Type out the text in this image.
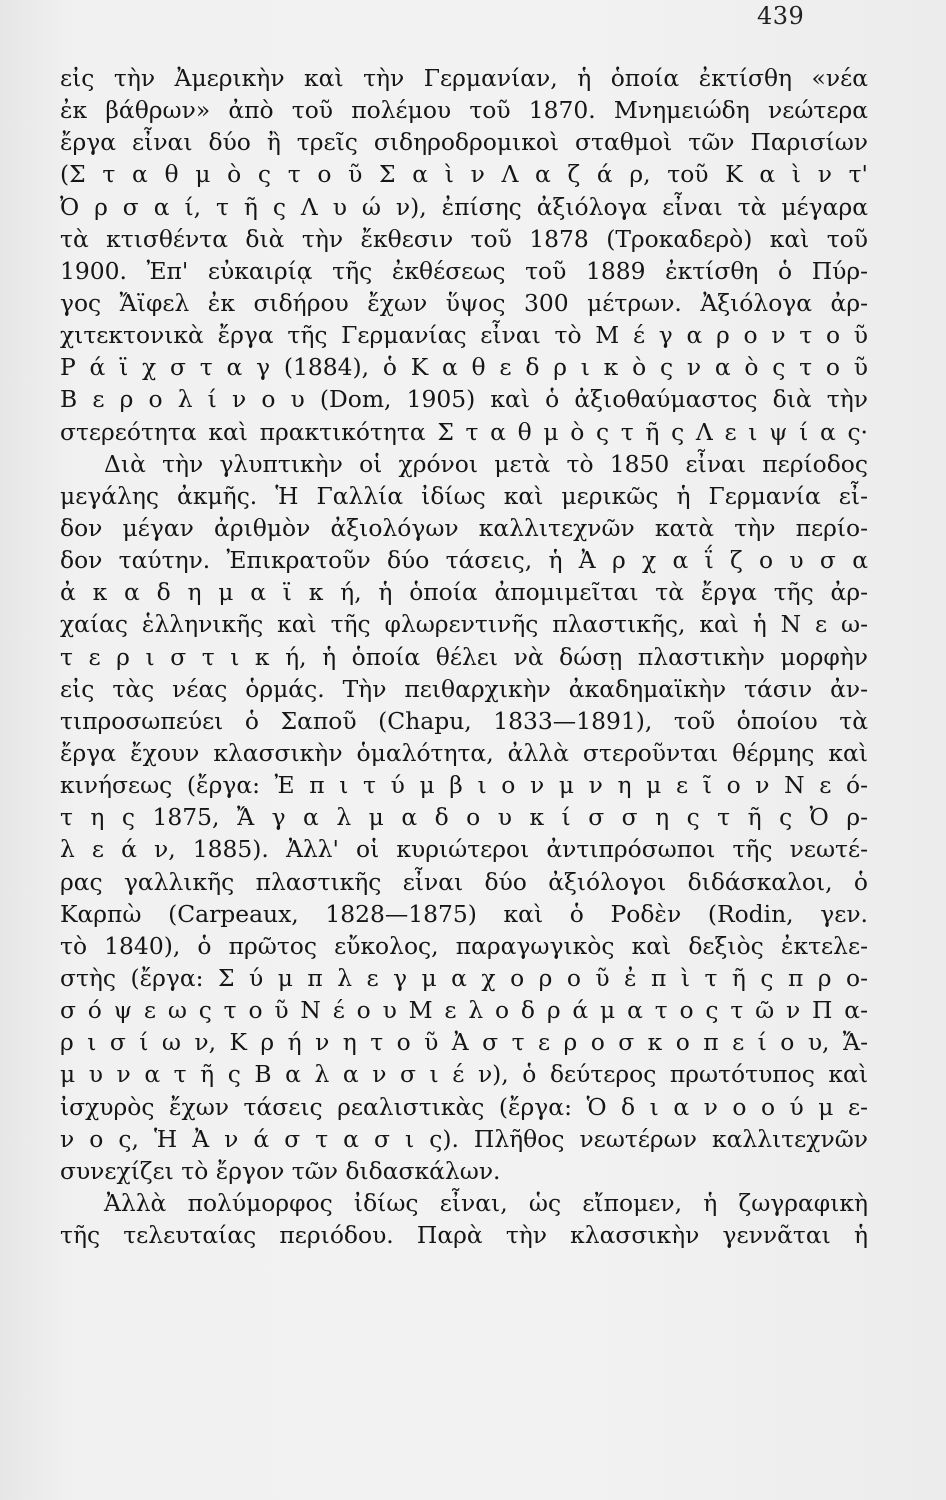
439
εἰς τὴν Ἀμερικὴν καὶ τὴν Γερμανίαν, ἡ ὁποία ἐκτίσθη «νέα
ἐκ βάθρων» ἀπὸ τοῦ πολέμου τοῦ 1870. Μνημειώδη νεώτερα
ἔργα εἶναι δύο ἢ τρεῖς σιδηροδρομικοὶ σταθμοὶ τῶν Παρισίων
(Σ τ α θ μ ὸ ς τ ο ῦ Σ α ὶ ν Λ α ζ ά ρ, τοῦ Κ α ὶ ν τ'
Ὀ ρ σ α ί, τ ῆ ς Λ υ ώ ν), ἐπίσης ἀξιόλογα εἶναι τὰ μέγαρα
τὰ κτισθέντα διὰ τὴν ἔκθεσιν τοῦ 1878 (Τροκαδερὸ) καὶ τοῦ
1900. Ἐπ' εὐκαιρίᾳ τῆς ἐκθέσεως τοῦ 1889 ἐκτίσθη ὁ Πύρ-
γος Ἄϊφελ ἐκ σιδήρου ἔχων ὕψος 300 μέτρων. Ἀξιόλογα ἀρ-
χιτεκτονικὰ ἔργα τῆς Γερμανίας εἶναι τὸ Μ έ γ α ρ ο ν τ ο ῦ
Ρ ά ϊ χ σ τ α γ (1884), ὁ Κ α θ ε δ ρ ι κ ὸ ς ν α ὸ ς τ ο ῦ
Β ε ρ ο λ ί ν ο υ (Dom, 1905) καὶ ὁ ἀξιοθαύμαστος διὰ τὴν
στερεότητα καὶ πρακτικότητα Σ τ α θ μ ὸ ς τ ῆ ς Λ ε ι ψ ί α ς·
Διὰ τὴν γλυπτικὴν οἱ χρόνοι μετὰ τὸ 1850 εἶναι περίοδος
μεγάλης ἀκμῆς. Ἡ Γαλλία ἰδίως καὶ μερικῶς ἡ Γερμανία εἶ-
δον μέγαν ἀριθμὸν ἀξιολόγων καλλιτεχνῶν κατὰ τὴν περίο-
δον ταύτην. Ἐπικρατοῦν δύο τάσεις, ἡ Ἀ ρ χ α ΐ ζ ο υ σ α
ἀ κ α δ η μ α ϊ κ ή, ἡ ὁποία ἀπομιμεῖται τὰ ἔργα τῆς ἀρ-
χαίας ἑλληνικῆς καὶ τῆς φλωρεντινῆς πλαστικῆς, καὶ ἡ Ν ε ω-
τ ε ρ ι σ τ ι κ ή, ἡ ὁποία θέλει νὰ δώσῃ πλαστικὴν μορφὴν
εἰς τὰς νέας ὁρμάς. Τὴν πειθαρχικὴν ἀκαδημαϊκὴν τάσιν ἀν-
τιπροσωπεύει ὁ Σαποῦ (Chapu, 1833—1891), τοῦ ὁποίου τὰ
ἔργα ἔχουν κλασσικὴν ὁμαλότητα, ἀλλὰ στεροῦνται θέρμης καὶ
κινήσεως (ἔργα: Ἐ π ι τ ύ μ β ι ο ν μ ν η μ ε ῖ ο ν Ν ε ό-
τ η ς 1875, Ἄ γ α λ μ α δ ο υ κ ί σ σ η ς τ ῆ ς Ὀ ρ-
λ ε ά ν, 1885). Ἀλλ' οἱ κυριώτεροι ἀντιπρόσωποι τῆς νεωτέ-
ρας γαλλικῆς πλαστικῆς εἶναι δύο ἀξιόλογοι διδάσκαλοι, ὁ
Καρπὼ (Carpeaux, 1828—1875) καὶ ὁ Ροδὲν (Rodin, γεν.
τὸ 1840), ὁ πρῶτος εὔκολος, παραγωγικὸς καὶ δεξιὸς ἐκτελε-
στὴς (ἔργα: Σ ύ μ π λ ε γ μ α χ ο ρ ο ῦ ἐ π ὶ τ ῆ ς π ρ ο-
σ ό ψ ε ω ς τ ο ῦ Ν έ ο υ Μ ε λ ο δ ρ ά μ α τ ο ς τ ῶ ν Π α-
ρ ι σ ί ω ν, Κ ρ ή ν η τ ο ῦ Ἀ σ τ ε ρ ο σ κ ο π ε ί ο υ, Ἄ-
μ υ ν α τ ῆ ς Β α λ α ν σ ι έ ν), ὁ δεύτερος πρωτότυπος καὶ
ἰσχυρὸς ἔχων τάσεις ρεαλιστικὰς (ἔργα: Ὁ δ ι α ν ο ο ύ μ ε-
ν ο ς, Ἡ Ἀ ν ά σ τ α σ ι ς). Πλῆθος νεωτέρων καλλιτεχνῶν
συνεχίζει τὸ ἔργον τῶν διδασκάλων.
Ἀλλὰ πολύμορφος ἰδίως εἶναι, ὡς εἴπομεν, ἡ ζωγραφικὴ
τῆς τελευταίας περιόδου. Παρὰ τὴν κλασσικὴν γεννᾶται ἡ
